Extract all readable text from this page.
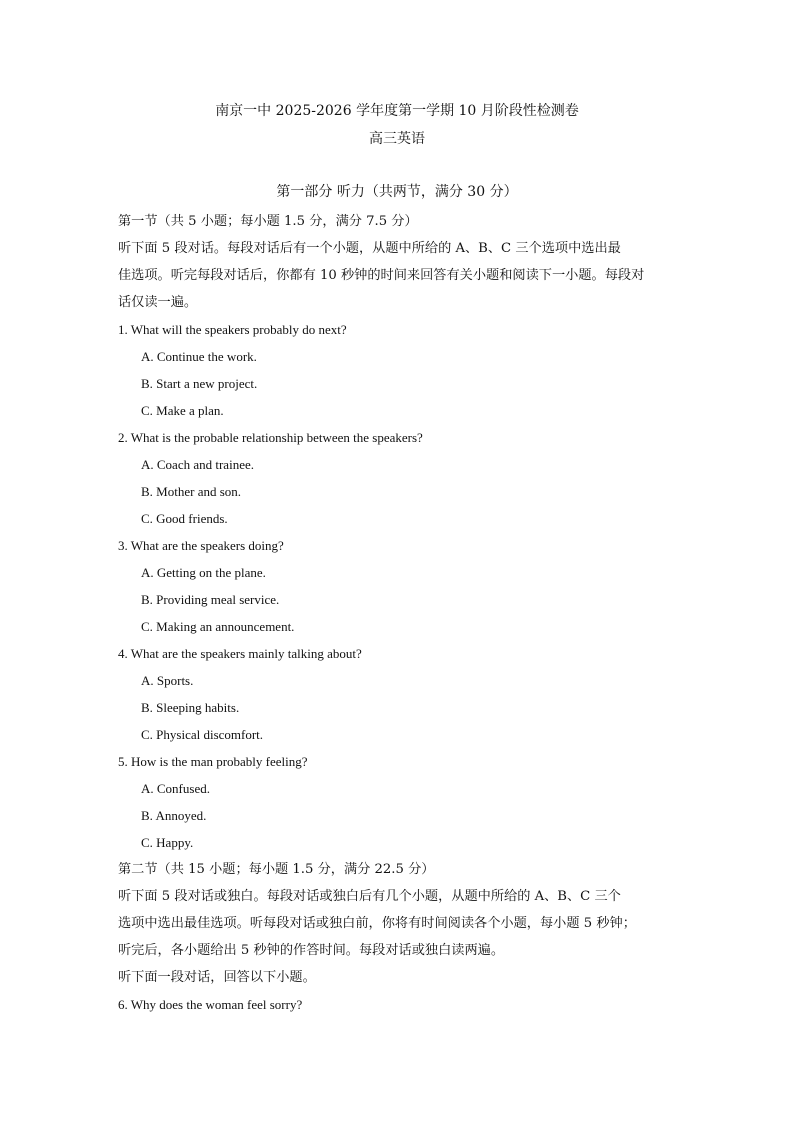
南京一中 2025-2026 学年度第一学期 10 月阶段性检测卷
高三英语
第一部分 听力（共两节，满分 30 分）
第一节（共 5 小题；每小题 1.5 分，满分 7.5 分）
听下面 5 段对话。每段对话后有一个小题，从题中所给的 A、B、C 三个选项中选出最
佳选项。听完每段对话后，你都有 10 秒钟的时间来回答有关小题和阅读下一小题。每段对
话仅读一遍。
1. What will the speakers probably do next?
A. Continue the work.
B. Start a new project.
C. Make a plan.
2. What is the probable relationship between the speakers?
A. Coach and trainee.
B. Mother and son.
C. Good friends.
3. What are the speakers doing?
A. Getting on the plane.
B. Providing meal service.
C. Making an announcement.
4. What are the speakers mainly talking about?
A. Sports.
B. Sleeping habits.
C. Physical discomfort.
5. How is the man probably feeling?
A. Confused.
B. Annoyed.
C. Happy.
第二节（共 15 小题；每小题 1.5 分，满分 22.5 分）
听下面 5 段对话或独白。每段对话或独白后有几个小题，从题中所给的 A、B、C 三个
选项中选出最佳选项。听每段对话或独白前，你将有时间阅读各个小题，每小题 5 秒钟；
听完后，各小题给出 5 秒钟的作答时间。每段对话或独白读两遍。
听下面一段对话，回答以下小题。
6. Why does the woman feel sorry?
